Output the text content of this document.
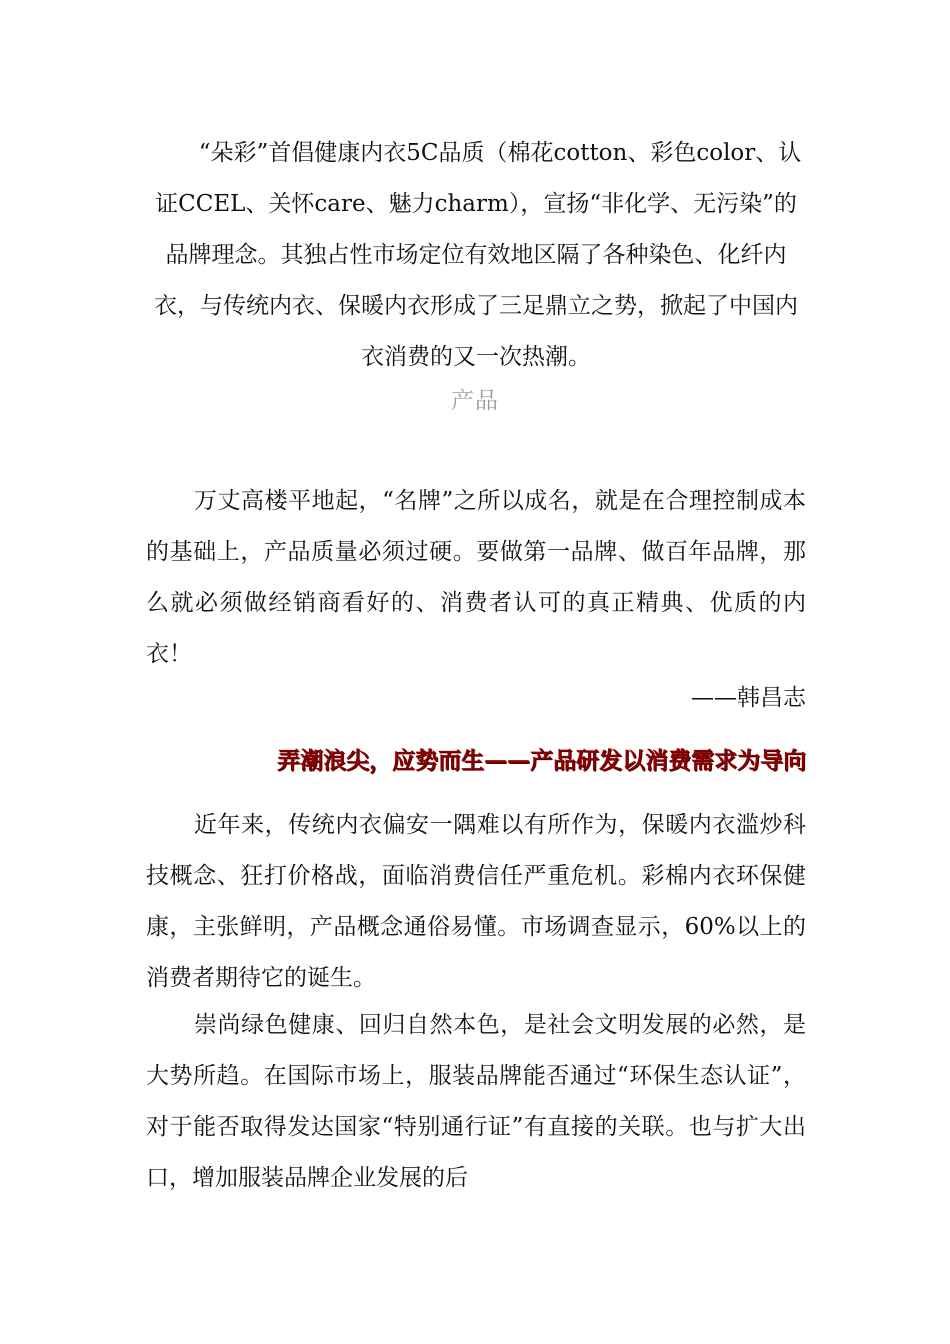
“朵彩”首倡健康内衣5C品质（棉花cotton、彩色color、认证CCEL、关怀care、魅力charm），宣扬“非化学、无污染”的品牌理念。其独占性市场定位有效地区隔了各种染色、化纤内衣，与传统内衣、保暖内衣形成了三足鼎立之势，掀起了中国内衣消费的又一次热潮。

产品

万丈高楼平地起，“名牌”之所以成名，就是在合理控制成本的基础上，产品质量必须过硬。要做第一品牌、做百年品牌，那么就必须做经销商看好的、消费者认可的真正精典、优质的内衣！

——韩昌志

弄潮浪尖，应势而生——产品研发以消费需求为导向

近年来，传统内衣偏安一隅难以有所作为，保暖内衣滥炒科技概念、狂打价格战，面临消费信任严重危机。彩棉内衣环保健康，主张鲜明，产品概念通俗易懂。市场调查显示，60%以上的消费者期待它的诞生。

崇尚绿色健康、回归自然本色，是社会文明发展的必然，是大势所趋。在国际市场上，服装品牌能否通过“环保生态认证”，对于能否取得发达国家“特别通行证”有直接的关联。也与扩大出口，增加服装品牌企业发展的后
